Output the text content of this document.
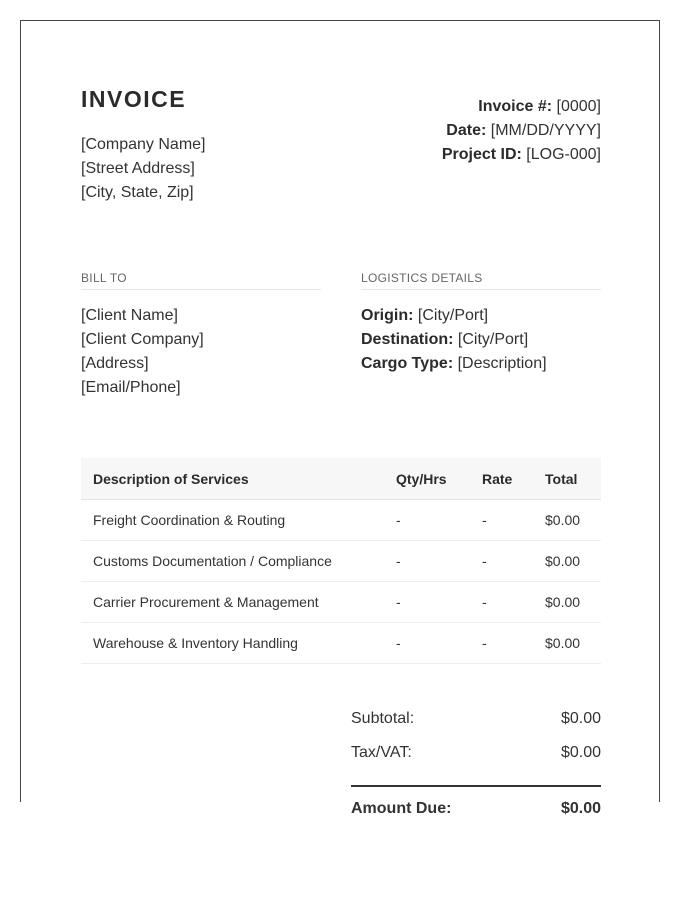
INVOICE
[Company Name]
[Street Address]
[City, State, Zip]
Invoice #: [0000]
Date: [MM/DD/YYYY]
Project ID: [LOG-000]
BILL TO
[Client Name]
[Client Company]
[Address]
[Email/Phone]
LOGISTICS DETAILS
Origin: [City/Port]
Destination: [City/Port]
Cargo Type: [Description]
Description of Services	Qty/Hrs	Rate	Total
Freight Coordination & Routing	-	-	$0.00
Customs Documentation / Compliance	-	-	$0.00
Carrier Procurement & Management	-	-	$0.00
Warehouse & Inventory Handling	-	-	$0.00
Subtotal:	$0.00
Tax/VAT:	$0.00
Amount Due:	$0.00
